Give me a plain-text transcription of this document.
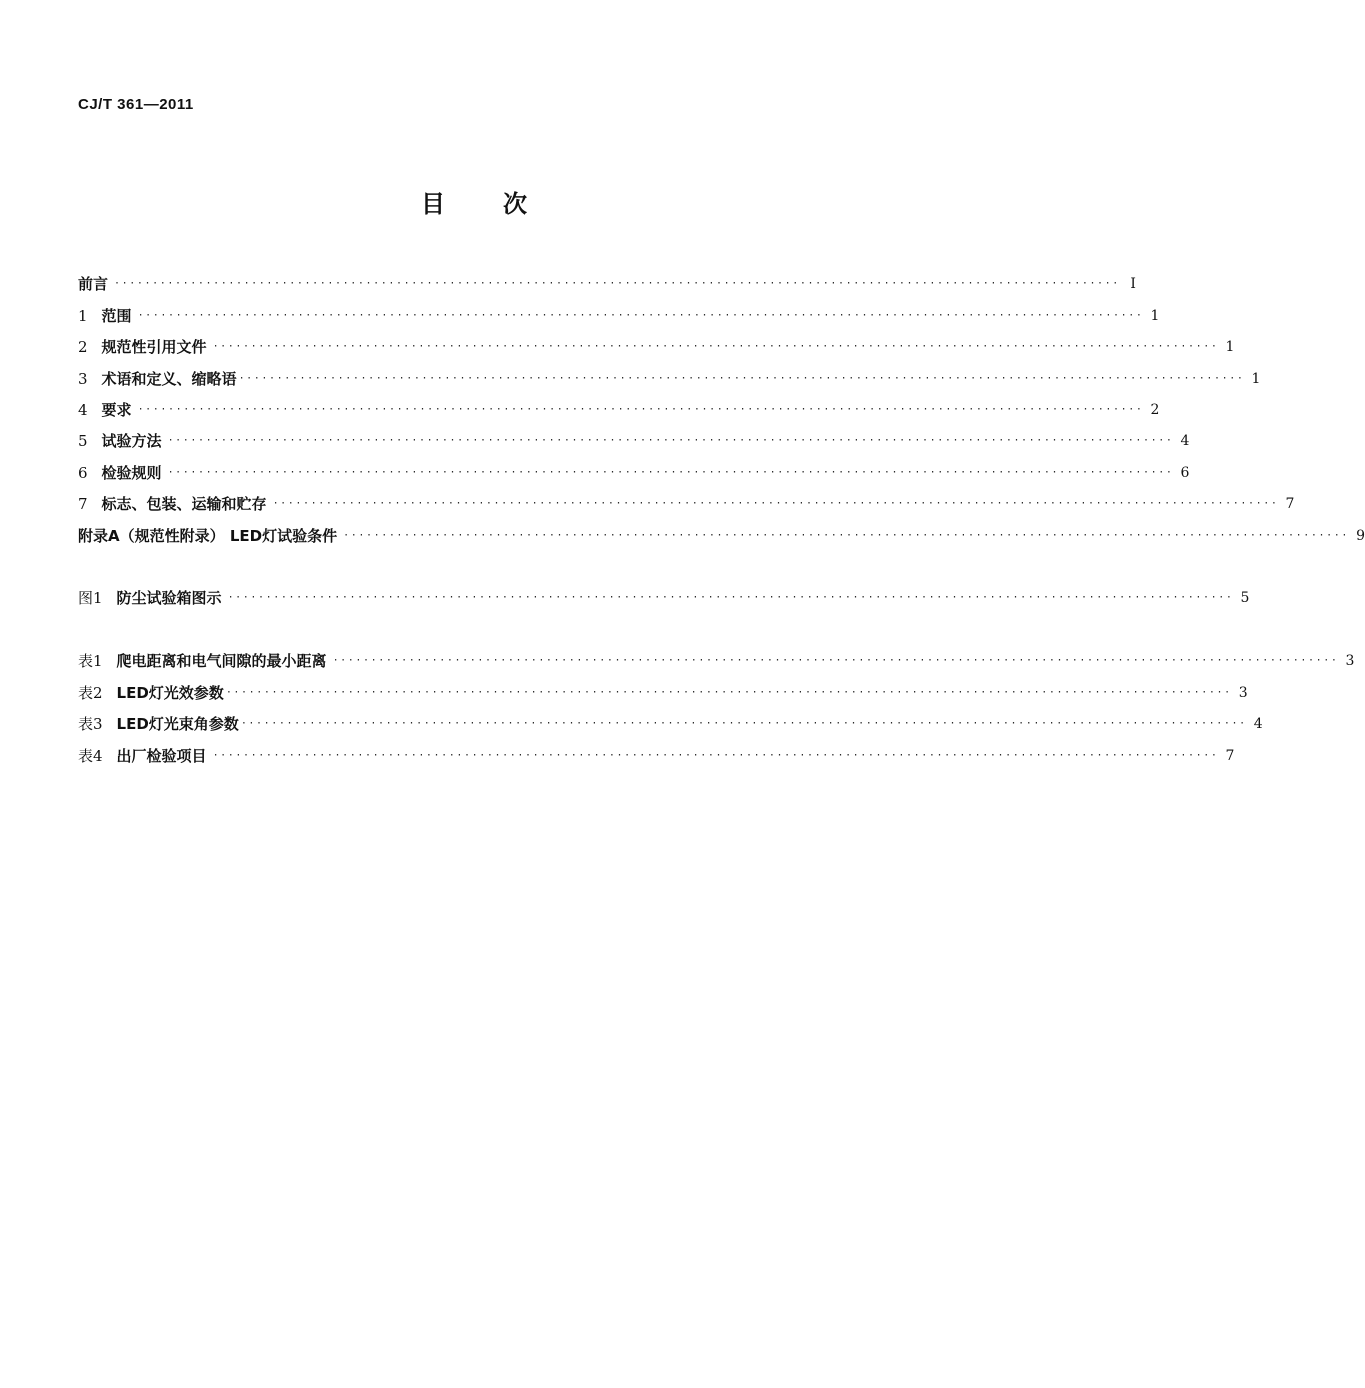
CJ/T 361—2011
目 次
前言 ···································································································································· Ⅰ
1 范围 ···································································································································· 1
2 规范性引用文件 ···································································································································· 1
3 术语和定义、缩略语 ···································································································································· 1
4 要求 ···································································································································· 2
5 试验方法 ···································································································································· 4
6 检验规则 ···································································································································· 6
7 标志、包装、运输和贮存 ···································································································································· 7
附录A（规范性附录） LED灯试验条件 ···································································································································· 9
图1 防尘试验箱图示 ···································································································································· 5
表1 爬电距离和电气间隙的最小距离 ···································································································································· 3
表2 LED灯光效参数 ···································································································································· 3
表3 LED灯光束角参数 ···································································································································· 4
表4 出厂检验项目 ···································································································································· 7
